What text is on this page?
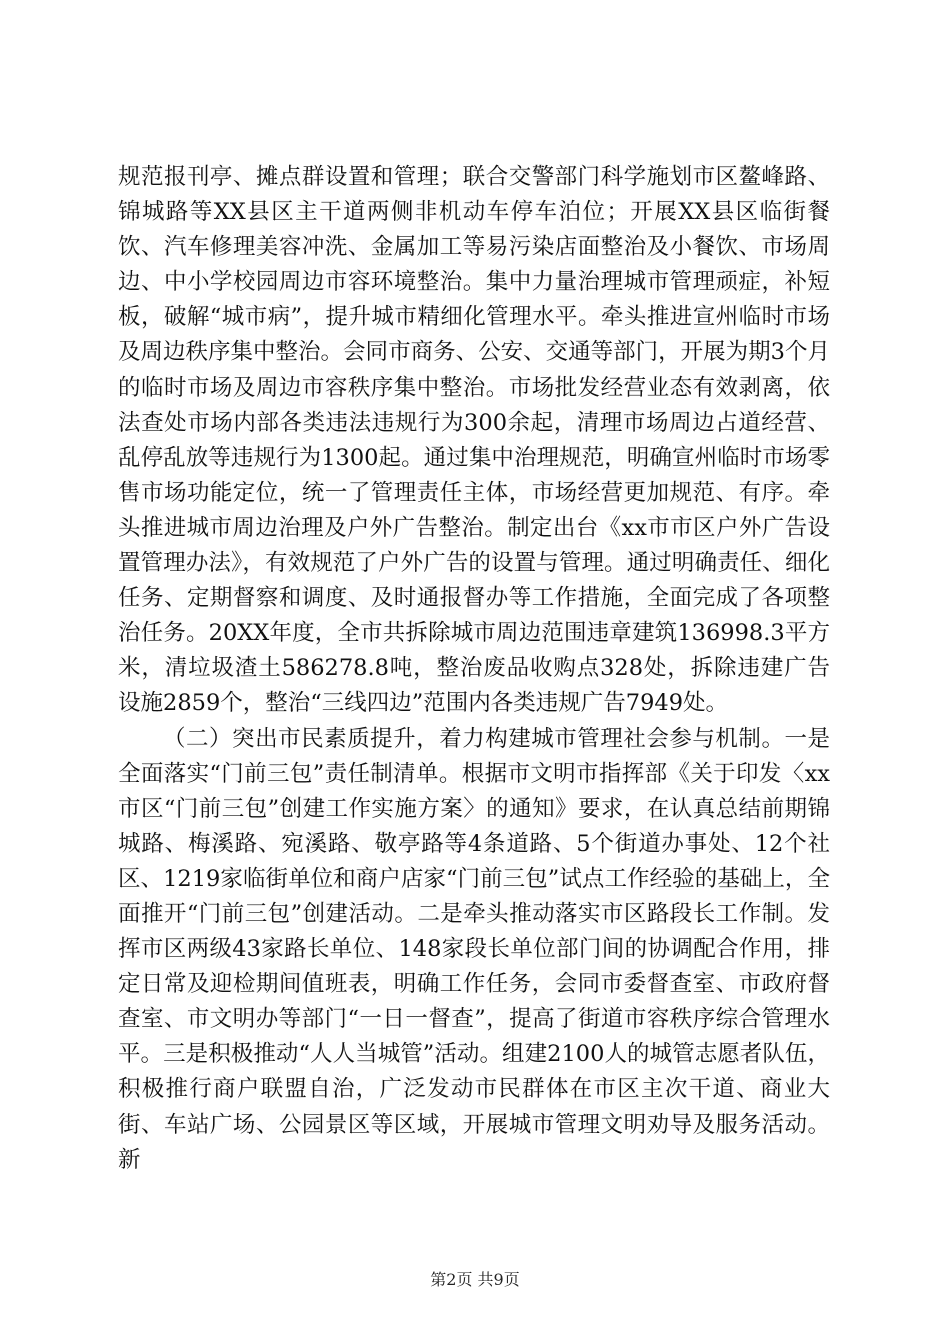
规范报刊亭、摊点群设置和管理；联合交警部门科学施划市区鳌峰路、锦城路等XX县区主干道两侧非机动车停车泊位；开展XX县区临街餐饮、汽车修理美容冲洗、金属加工等易污染店面整治及小餐饮、市场周边、中小学校园周边市容环境整治。集中力量治理城市管理顽症，补短板，破解“城市病”，提升城市精细化管理水平。牵头推进宣州临时市场及周边秩序集中整治。会同市商务、公安、交通等部门，开展为期3个月的临时市场及周边市容秩序集中整治。市场批发经营业态有效剥离，依法查处市场内部各类违法违规行为300余起，清理市场周边占道经营、乱停乱放等违规行为1300起。通过集中治理规范，明确宣州临时市场零售市场功能定位，统一了管理责任主体，市场经营更加规范、有序。牵头推进城市周边治理及户外广告整治。制定出台《xx市市区户外广告设置管理办法》，有效规范了户外广告的设置与管理。通过明确责任、细化任务、定期督察和调度、及时通报督办等工作措施，全面完成了各项整治任务。20XX年度，全市共拆除城市周边范围违章建筑136998.3平方米，清垃圾渣土586278.8吨，整治废品收购点328处，拆除违建广告设施2859个，整治“三线四边”范围内各类违规广告7949处。

（二）突出市民素质提升，着力构建城市管理社会参与机制。一是全面落实“门前三包”责任制清单。根据市文明市指挥部《关于印发〈xx市区“门前三包”创建工作实施方案〉的通知》要求，在认真总结前期锦城路、梅溪路、宛溪路、敬亭路等4条道路、5个街道办事处、12个社区、1219家临街单位和商户店家“门前三包”试点工作经验的基础上，全面推开“门前三包”创建活动。二是牵头推动落实市区路段长工作制。发挥市区两级43家路长单位、148家段长单位部门间的协调配合作用，排定日常及迎检期间值班表，明确工作任务，会同市委督查室、市政府督查室、市文明办等部门“一日一督查”，提高了街道市容秩序综合管理水平。三是积极推动“人人当城管”活动。组建2100人的城管志愿者队伍，积极推行商户联盟自治，广泛发动市民群体在市区主次干道、商业大街、车站广场、公园景区等区域，开展城市管理文明劝导及服务活动。新

第2页 共9页
